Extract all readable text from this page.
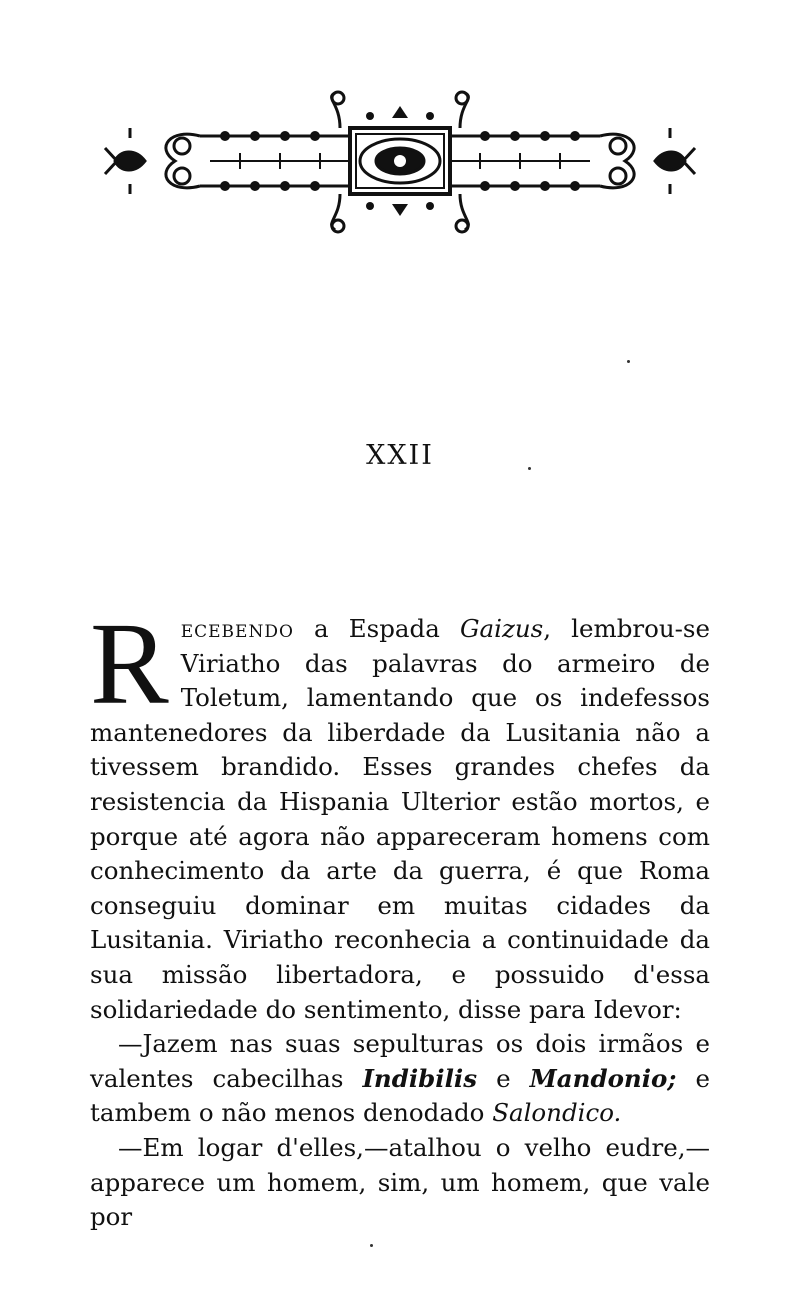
XXII

Recebendo a Espada Gaizus, lembrou-se Viriatho das palavras do armeiro de Toletum, lamentando que os indefessos mantenedores da liberdade da Lusitania não a tivessem brandido. Esses grandes chefes da resistencia da Hispania Ulterior estão mortos, e porque até agora não appareceram homens com conhecimento da arte da guerra, é que Roma conseguiu dominar em muitas cidades da Lusitania. Viriatho reconhecia a continuidade da sua missão libertadora, e possuido d'essa solidariedade do sentimento, disse para Idevor:

—Jazem nas suas sepulturas os dois irmãos e valentes cabecilhas Indibilis e Mandonio; e tambem o não menos denodado Salondico.

—Em logar d'elles,—atalhou o velho eudre,—apparece um homem, sim, um homem, que vale por
